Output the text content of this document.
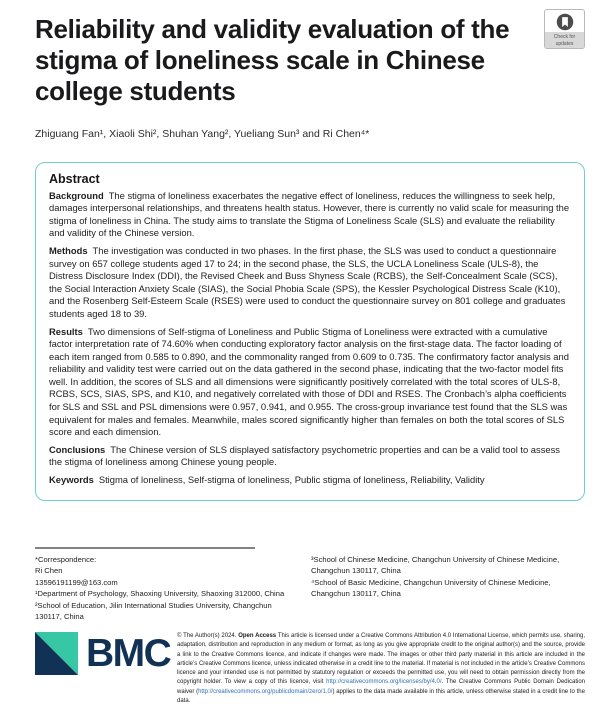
Check for
updates
Reliability and validity evaluation of the stigma of loneliness scale in Chinese college students
Zhiguang Fan¹, Xiaoli Shi², Shuhan Yang², Yueliang Sun³ and Ri Chen⁴*
Abstract

Background The stigma of loneliness exacerbates the negative effect of loneliness, reduces the willingness to seek help, damages interpersonal relationships, and threatens health status. However, there is currently no valid scale for measuring the stigma of loneliness in China. The study aims to translate the Stigma of Loneliness Scale (SLS) and evaluate the reliability and validity of the Chinese version.

Methods The investigation was conducted in two phases. In the first phase, the SLS was used to conduct a questionnaire survey on 657 college students aged 17 to 24; in the second phase, the SLS, the UCLA Loneliness Scale (ULS-8), the Distress Disclosure Index (DDI), the Revised Cheek and Buss Shyness Scale (RCBS), the Self-Concealment Scale (SCS), the Social Interaction Anxiety Scale (SIAS), the Social Phobia Scale (SPS), the Kessler Psychological Distress Scale (K10), and the Rosenberg Self-Esteem Scale (RSES) were used to conduct the questionnaire survey on 801 college and graduates students aged 18 to 39.

Results Two dimensions of Self-stigma of Loneliness and Public Stigma of Loneliness were extracted with a cumulative factor interpretation rate of 74.60% when conducting exploratory factor analysis on the first-stage data. The factor loading of each item ranged from 0.585 to 0.890, and the commonality ranged from 0.609 to 0.735. The confirmatory factor analysis and reliability and validity test were carried out on the data gathered in the second phase, indicating that the two-factor model fits well. In addition, the scores of SLS and all dimensions were significantly positively correlated with the total scores of ULS-8, RCBS, SCS, SIAS, SPS, and K10, and negatively correlated with those of DDI and RSES. The Cronbach’s alpha coefficients for SLS and SSL and PSL dimensions were 0.957, 0.941, and 0.955. The cross-group invariance test found that the SLS was equivalent for males and females. Meanwhile, males scored significantly higher than females on both the total scores of SLS score and each dimension.

Conclusions The Chinese version of SLS displayed satisfactory psychometric properties and can be a valid tool to assess the stigma of loneliness among Chinese young people.

Keywords Stigma of loneliness, Self-stigma of loneliness, Public stigma of loneliness, Reliability, Validity

*Correspondence:
Ri Chen
13596191199@163.com
¹Department of Psychology, Shaoxing University, Shaoxing 312000, China
²School of Education, Jilin International Studies University, Changchun 130117, China
³School of Chinese Medicine, Changchun University of Chinese Medicine, Changchun 130117, China
⁴School of Basic Medicine, Changchun University of Chinese Medicine, Changchun 130117, China
BMC © The Author(s) 2024. Open Access This article is licensed under a Creative Commons Attribution 4.0 International License, which permits use, sharing, adaptation, distribution and reproduction in any medium or format, as long as you give appropriate credit to the original author(s) and the source, provide a link to the Creative Commons licence, and indicate if changes were made. The images or other third party material in this article are included in the article’s Creative Commons licence, unless indicated otherwise in a credit line to the material. If material is not included in the article’s Creative Commons licence and your intended use is not permitted by statutory regulation or exceeds the permitted use, you will need to obtain permission directly from the copyright holder. To view a copy of this licence, visit http://creativecommons.org/licenses/by/4.0/. The Creative Commons Public Domain Dedication waiver (http://creativecommons.org/publicdomain/zero/1.0/) applies to the data made available in this article, unless otherwise stated in a credit line to the data.
